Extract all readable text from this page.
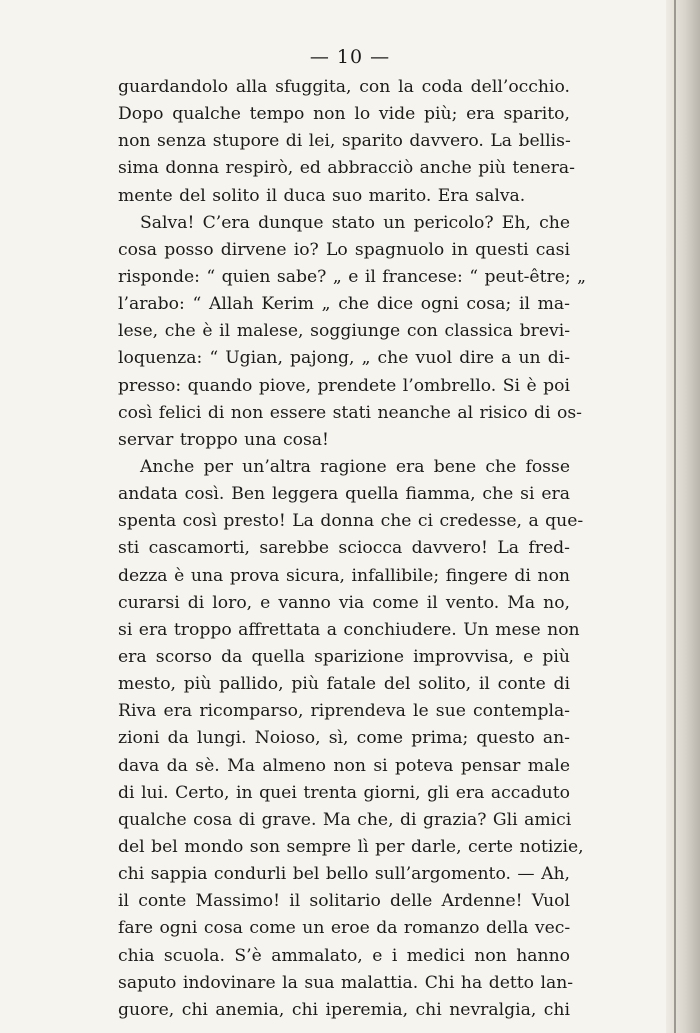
— 10 —
guardandolo alla sfuggita, con la coda dell’occhio.
Dopo qualche tempo non lo vide più; era sparito,
non senza stupore di lei, sparito davvero. La bellis-
sima donna respirò, ed abbracciò anche più tenera-
mente del solito il duca suo marito. Era salva.
Salva! C’era dunque stato un pericolo? Eh, che
cosa posso dirvene io? Lo spagnuolo in questi casi
risponde: “ quien sabe? „ e il francese: “ peut-être; „
l’arabo: “ Allah Kerim „ che dice ogni cosa; il ma-
lese, che è il malese, soggiunge con classica brevi-
loquenza: “ Ugian, pajong, „ che vuol dire a un di-
presso: quando piove, prendete l’ombrello. Si è poi
così felici di non essere stati neanche al risico di os-
servar troppo una cosa!
Anche per un’altra ragione era bene che fosse
andata così. Ben leggera quella fiamma, che si era
spenta così presto! La donna che ci credesse, a que-
sti cascamorti, sarebbe sciocca davvero! La fred-
dezza è una prova sicura, infallibile; fingere di non
curarsi di loro, e vanno via come il vento. Ma no,
si era troppo affrettata a conchiudere. Un mese non
era scorso da quella sparizione improvvisa, e più
mesto, più pallido, più fatale del solito, il conte di
Riva era ricomparso, riprendeva le sue contempla-
zioni da lungi. Noioso, sì, come prima; questo an-
dava da sè. Ma almeno non si poteva pensar male
di lui. Certo, in quei trenta giorni, gli era accaduto
qualche cosa di grave. Ma che, di grazia? Gli amici
del bel mondo son sempre lì per darle, certe notizie,
chi sappia condurli bel bello sull’argomento. — Ah,
il conte Massimo! il solitario delle Ardenne! Vuol
fare ogni cosa come un eroe da romanzo della vec-
chia scuola. S’è ammalato, e i medici non hanno
saputo indovinare la sua malattia. Chi ha detto lan-
guore, chi anemia, chi iperemia, chi nevralgia, chi
